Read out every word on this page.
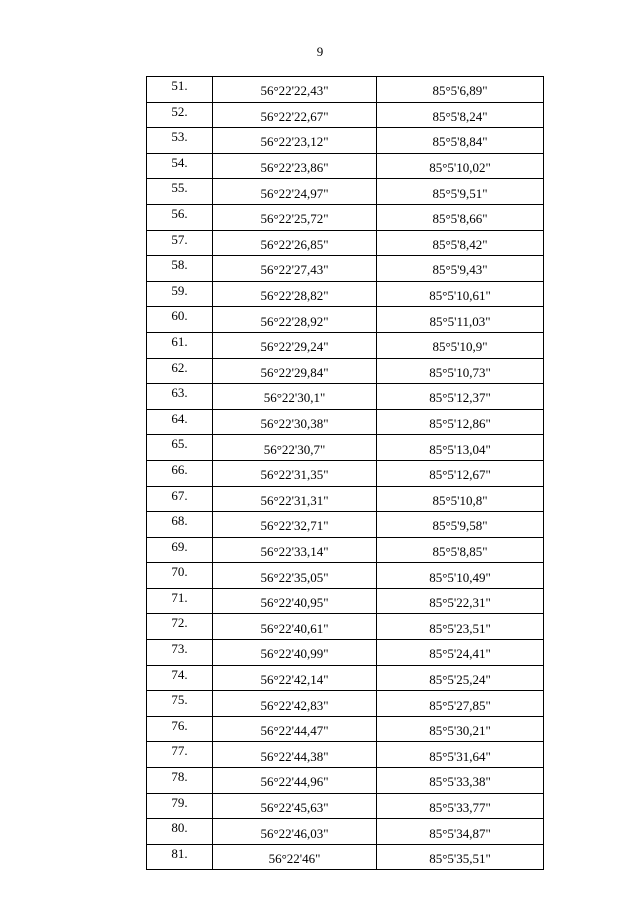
9
51.	56°22'22,43"	85°5'6,89"
52.	56°22'22,67"	85°5'8,24"
53.	56°22'23,12"	85°5'8,84"
54.	56°22'23,86"	85°5'10,02"
55.	56°22'24,97"	85°5'9,51"
56.	56°22'25,72"	85°5'8,66"
57.	56°22'26,85"	85°5'8,42"
58.	56°22'27,43"	85°5'9,43"
59.	56°22'28,82"	85°5'10,61"
60.	56°22'28,92"	85°5'11,03"
61.	56°22'29,24"	85°5'10,9"
62.	56°22'29,84"	85°5'10,73"
63.	56°22'30,1"	85°5'12,37"
64.	56°22'30,38"	85°5'12,86"
65.	56°22'30,7"	85°5'13,04"
66.	56°22'31,35"	85°5'12,67"
67.	56°22'31,31"	85°5'10,8"
68.	56°22'32,71"	85°5'9,58"
69.	56°22'33,14"	85°5'8,85"
70.	56°22'35,05"	85°5'10,49"
71.	56°22'40,95"	85°5'22,31"
72.	56°22'40,61"	85°5'23,51"
73.	56°22'40,99"	85°5'24,41"
74.	56°22'42,14"	85°5'25,24"
75.	56°22'42,83"	85°5'27,85"
76.	56°22'44,47"	85°5'30,21"
77.	56°22'44,38"	85°5'31,64"
78.	56°22'44,96"	85°5'33,38"
79.	56°22'45,63"	85°5'33,77"
80.	56°22'46,03"	85°5'34,87"
81.	56°22'46"	85°5'35,51"
